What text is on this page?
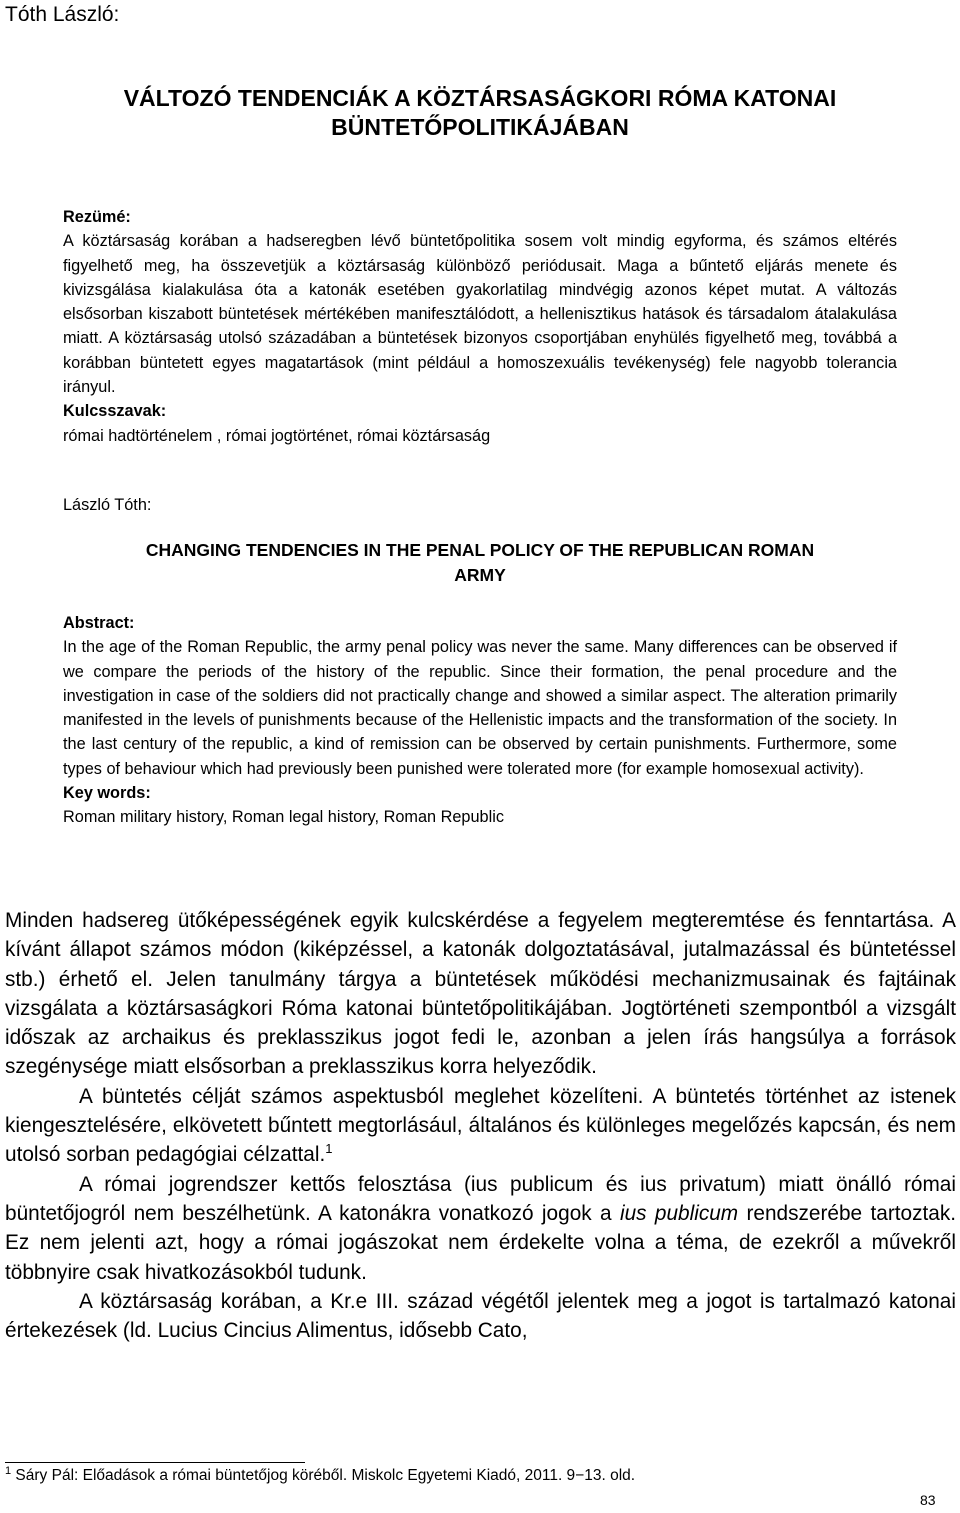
Tóth László:
VÁLTOZÓ TENDENCIÁK A KÖZTÁRSASÁGKORI RÓMA KATONAI
BÜNTETŐPOLITIKÁJÁBAN
Rezümé:

A köztársaság korában a hadseregben lévő büntetőpolitika sosem volt mindig egyforma, és számos eltérés figyelhető meg, ha összevetjük a köztársaság különböző periódusait. Maga a bűntető eljárás menete és kivizsgálása kialakulása óta a katonák esetében gyakorlatilag mindvégig azonos képet mutat. A változás elsősorban kiszabott büntetések mértékében manifesztálódott, a hellenisztikus hatások és társadalom átalakulása miatt. A köztársaság utolsó századában a büntetések bizonyos csoportjában enyhülés figyelhető meg, továbbá a korábban büntetett egyes magatartások (mint például a homoszexuális tevékenység) fele nagyobb tolerancia irányul.

Kulcsszavak:
római hadtörténelem , római jogtörténet, római köztársaság
László Tóth:
CHANGING TENDENCIES IN THE PENAL POLICY OF THE REPUBLICAN ROMAN
ARMY
Abstract:

In the age of the Roman Republic, the army penal policy was never the same. Many differences can be observed if we compare the periods of the history of the republic. Since their formation, the penal procedure and the investigation in case of the soldiers did not practically change and showed a similar aspect. The alteration primarily manifested in the levels of punishments because of the Hellenistic impacts and the transformation of the society. In the last century of the republic, a kind of remission can be observed by certain punishments. Furthermore, some types of behaviour which had previously been punished were tolerated more (for example homosexual activity).

Key words:
Roman military history, Roman legal history, Roman Republic

Minden hadsereg ütőképességének egyik kulcskérdése a fegyelem megteremtése és fenntartása. A kívánt állapot számos módon (kiképzéssel, a katonák dolgoztatásával, jutalmazással és büntetéssel stb.) érhető el. Jelen tanulmány tárgya a büntetések működési mechanizmusainak és fajtáinak vizsgálata a köztársaságkori Róma katonai büntetőpolitikájában. Jogtörténeti szempontból a vizsgált időszak az archaikus és preklasszikus jogot fedi le, azonban a jelen írás hangsúlya a források szegénysége miatt elsősorban a preklasszikus korra helyeződik.

A büntetés célját számos aspektusból meglehet közelíteni. A büntetés történhet az istenek kiengesztelésére, elkövetett bűntett megtorlásául, általános és különleges megelőzés kapcsán, és nem utolsó sorban pedagógiai célzattal.$^1$

A római jogrendszer kettős felosztása (ius publicum és ius privatum) miatt önálló római büntetőjogról nem beszélhetünk. A katonákra vonatkozó jogok a ius publicum rendszerébe tartoztak. Ez nem jelenti azt, hogy a római jogászokat nem érdekelte volna a téma, de ezekről a művekről többnyire csak hivatkozásokból tudunk.

A köztársaság korában, a Kr.e III. század végétől jelentek meg a jogot is tartalmazó katonai értekezések (ld. Lucius Cincius Alimentus, idősebb Cato,

$^1$ Sáry Pál: Előadások a római büntetőjog köréből. Miskolc Egyetemi Kiadó, 2011. 9−13. old.
83
